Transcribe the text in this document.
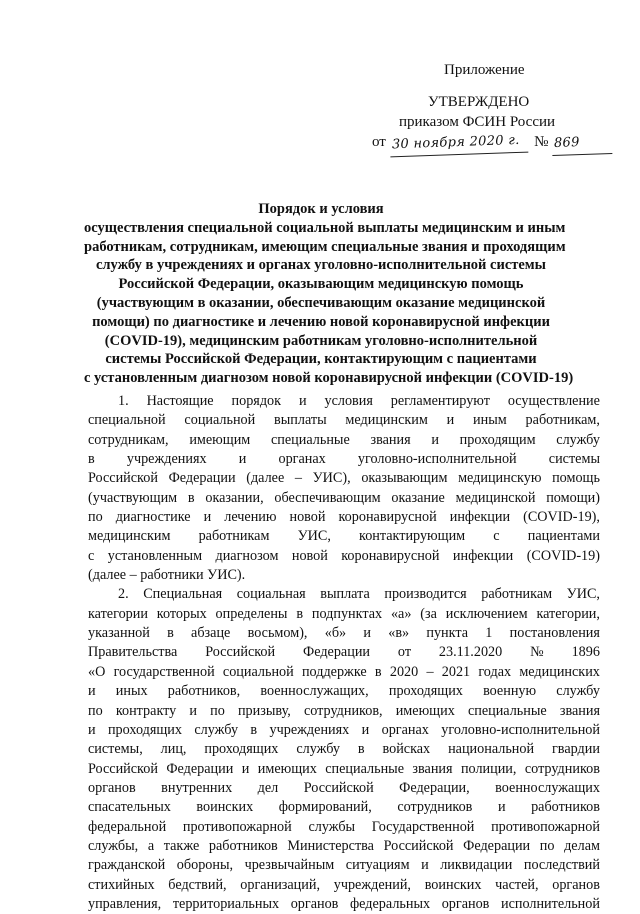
Приложение
УТВЕРЖДЕНО
приказом ФСИН России
от 30 ноября 2020 г. № 869
Порядок и условия
осуществления специальной социальной выплаты медицинским и иным
работникам, сотрудникам, имеющим специальные звания и проходящим
службу в учреждениях и органах уголовно-исполнительной системы
Российской Федерации, оказывающим медицинскую помощь
(участвующим в оказании, обеспечивающим оказание медицинской
помощи) по диагностике и лечению новой коронавирусной инфекции
(COVID-19), медицинским работникам уголовно-исполнительной
системы Российской Федерации, контактирующим с пациентами
с установленным диагнозом новой коронавирусной инфекции (COVID-19)
1. Настоящие порядок и условия регламентируют осуществление
специальной социальной выплаты медицинским и иным работникам,
сотрудникам, имеющим специальные звания и проходящим службу
в учреждениях и органах уголовно-исполнительной системы
Российской Федерации (далее – УИС), оказывающим медицинскую помощь
(участвующим в оказании, обеспечивающим оказание медицинской помощи)
по диагностике и лечению новой коронавирусной инфекции (COVID-19),
медицинским работникам УИС, контактирующим с пациентами
с установленным диагнозом новой коронавирусной инфекции (COVID-19)
(далее – работники УИС).
2. Специальная социальная выплата производится работникам УИС,
категории которых определены в подпунктах «а» (за исключением категории,
указанной в абзаце восьмом), «б» и «в» пункта 1 постановления
Правительства Российской Федерации от 23.11.2020 № 1896
«О государственной социальной поддержке в 2020 – 2021 годах медицинских
и иных работников, военнослужащих, проходящих военную службу
по контракту и по призыву, сотрудников, имеющих специальные звания
и проходящих службу в учреждениях и органах уголовно-исполнительной
системы, лиц, проходящих службу в войсках национальной гвардии
Российской Федерации и имеющих специальные звания полиции, сотрудников
органов внутренних дел Российской Федерации, военнослужащих
спасательных воинских формирований, сотрудников и работников
федеральной противопожарной службы Государственной противопожарной
службы, а также работников Министерства Российской Федерации по делам
гражданской обороны, чрезвычайным ситуациям и ликвидации последствий
стихийных бедствий, организаций, учреждений, воинских частей, органов
управления, территориальных органов федеральных органов исполнительной
